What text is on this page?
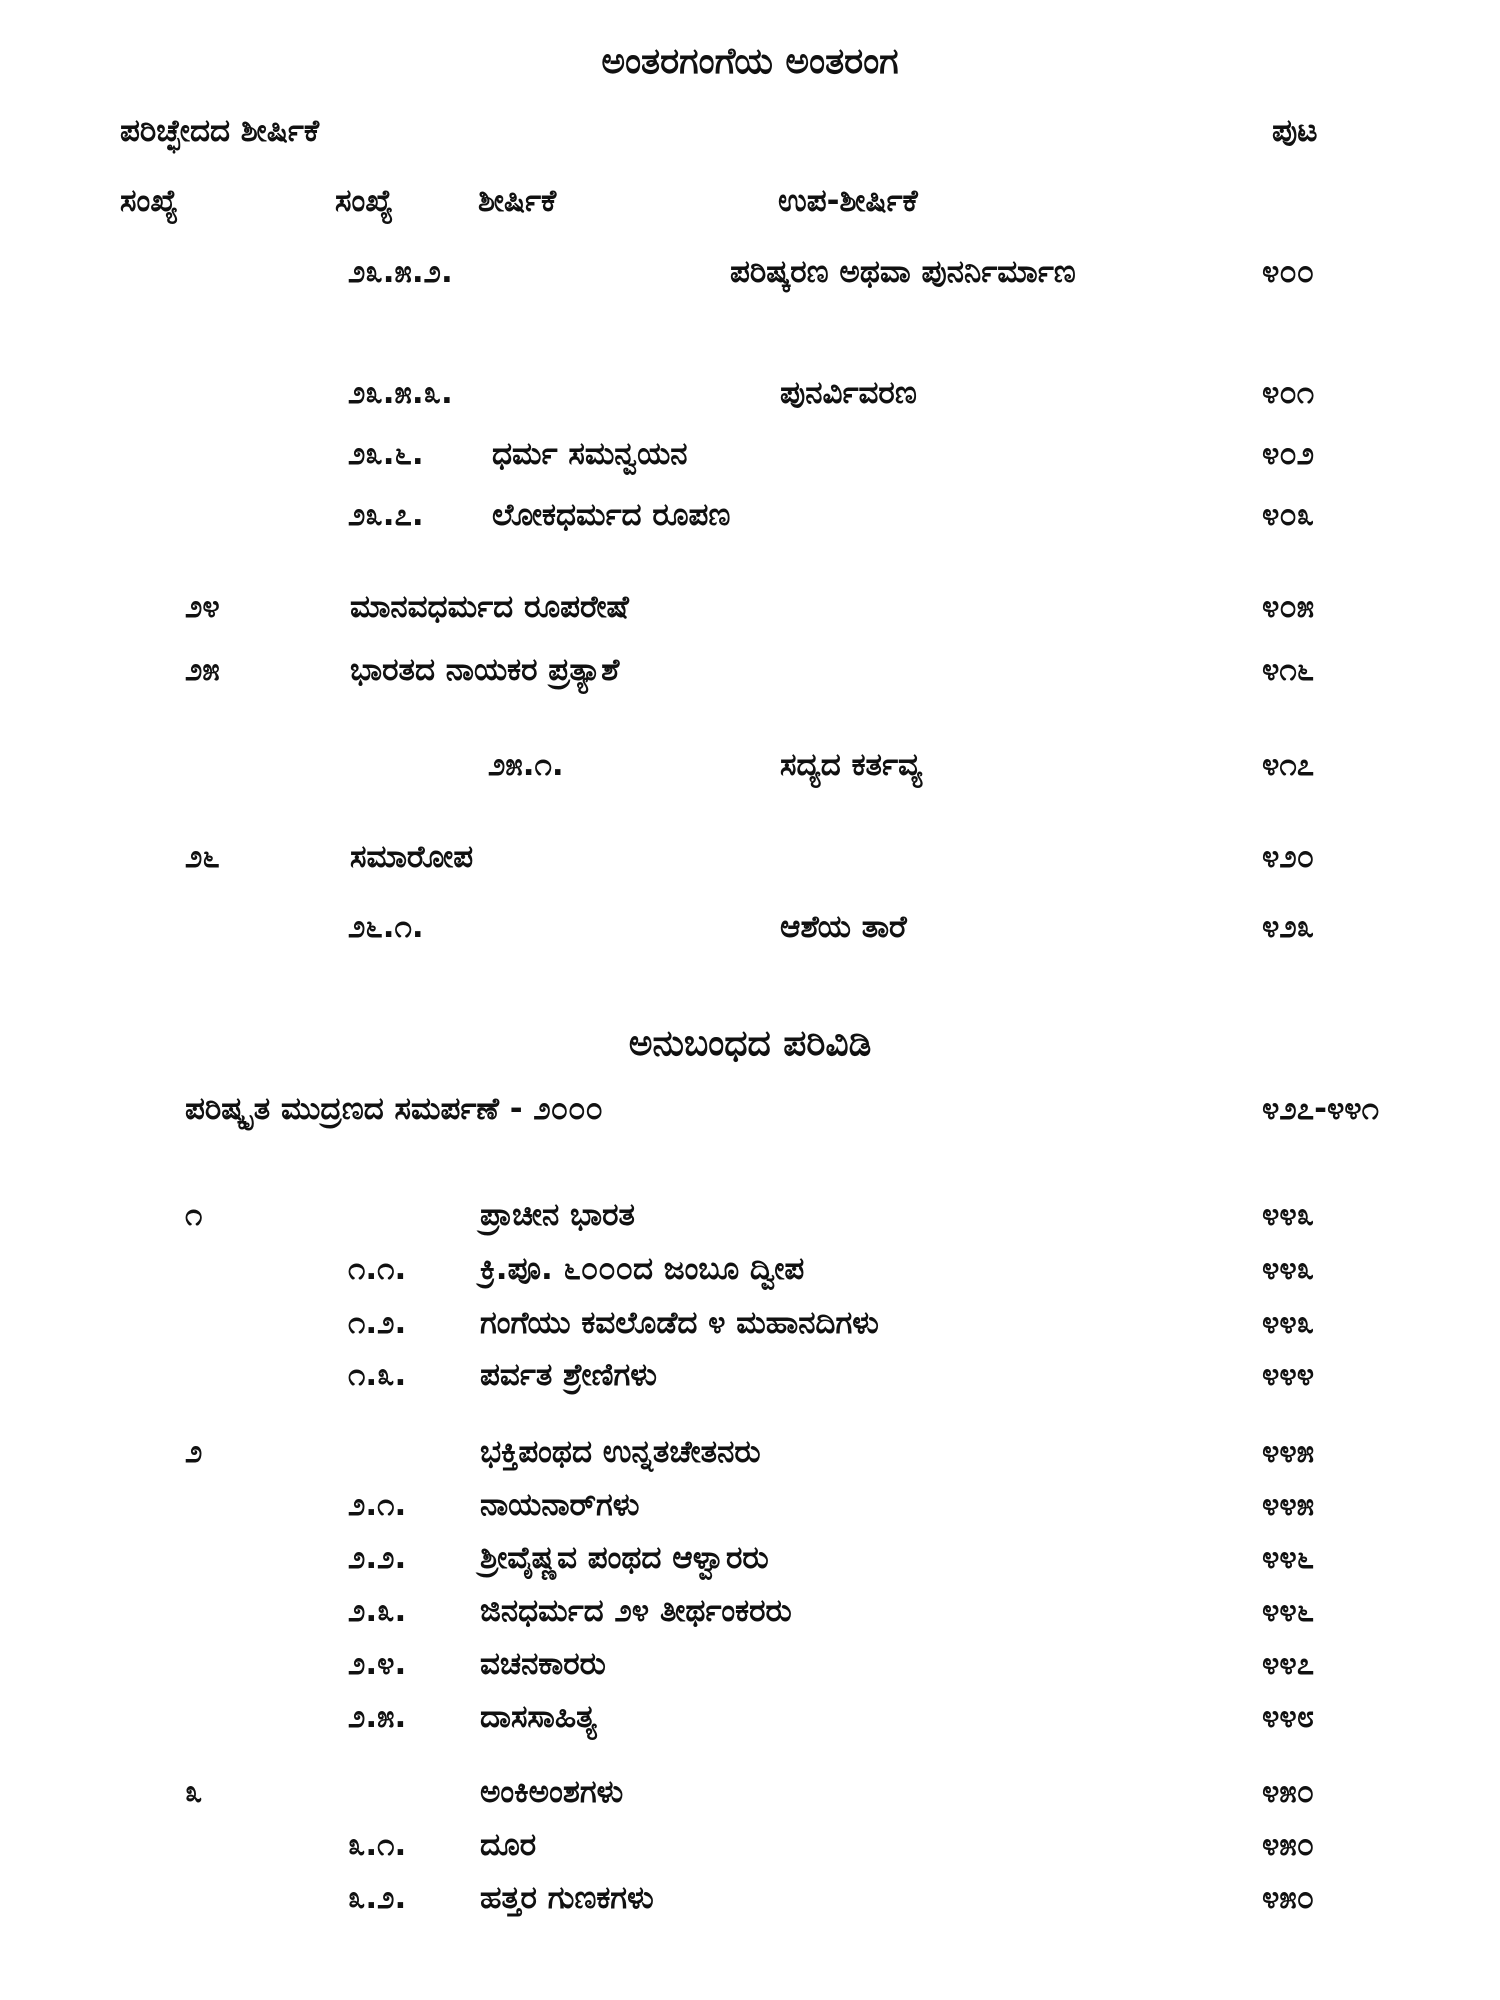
ಅಂತರಗಂಗೆಯ ಅಂತರಂಗ
ಪರಿಚ್ಛೇದದ ಶೀರ್ಷಿಕೆ	ಪುಟ
ಸಂಖ್ಯೆ	ಸಂಖ್ಯೆ	ಶೀರ್ಷಿಕೆ	ಉಪ-ಶೀರ್ಷಿಕೆ
೨೩.೫.೨.	ಪರಿಷ್ಕರಣ ಅಥವಾ ಪುನರ್ನಿರ್ಮಾಣ	೪೦೦
೨೩.೫.೩.	ಪುನರ್ವಿವರಣ	೪೦೧
೨೩.೬. ಧರ್ಮ ಸಮನ್ವಯನ	೪೦೨
೨೩.೭. ಲೋಕಧರ್ಮದ ರೂಪಣ	೪೦೩
೨೪	ಮಾನವಧರ್ಮದ ರೂಪರೇಷೆ	೪೦೫
೨೫	ಭಾರತದ ನಾಯಕರ ಪ್ರತ್ಯಾಶೆ	೪೧೬
೨೫.೧.	ಸದ್ಯದ ಕರ್ತವ್ಯ	೪೧೭
೨೬	ಸಮಾರೋಪ	೪೨೦
೨೬.೧.	ಆಶೆಯ ತಾರೆ	೪೨೩
ಅನುಬಂಧದ ಪರಿವಿಡಿ
ಪರಿಷ್ಕೃತ ಮುದ್ರಣದ ಸಮರ್ಪಣೆ - ೨೦೦೦	೪೨೭-೪೪೧
೧	ಪ್ರಾಚೀನ ಭಾರತ	೪೪೩
೧.೧. ಕ್ರಿ.ಪೂ. ೬೦೦೦ದ ಜಂಬೂ ದ್ವೀಪ	೪೪೩
೧.೨. ಗಂಗೆಯು ಕವಲೊಡೆದ ೪ ಮಹಾನದಿಗಳು	೪೪೩
೧.೩. ಪರ್ವತ ಶ್ರೇಣಿಗಳು	೪೪೪
೨	ಭಕ್ತಿಪಂಥದ ಉನ್ನತಚೇತನರು	೪೪೫
೨.೧. ನಾಯನಾರ್‌ಗಳು	೪೪೫
೨.೨. ಶ್ರೀವೈಷ್ಣವ ಪಂಥದ ಆಳ್ವಾರರು	೪೪೬
೨.೩. ಜಿನಧರ್ಮದ ೨೪ ತೀರ್ಥಂಕರರು	೪೪೬
೨.೪. ವಚನಕಾರರು	೪೪೭
೨.೫. ದಾಸಸಾಹಿತ್ಯ	೪೪೮
೩	ಅಂಕಿಅಂಶಗಳು	೪೫೦
೩.೧. ದೂರ	೪೫೦
೩.೨. ಹತ್ತರ ಗುಣಕಗಳು	೪೫೦
